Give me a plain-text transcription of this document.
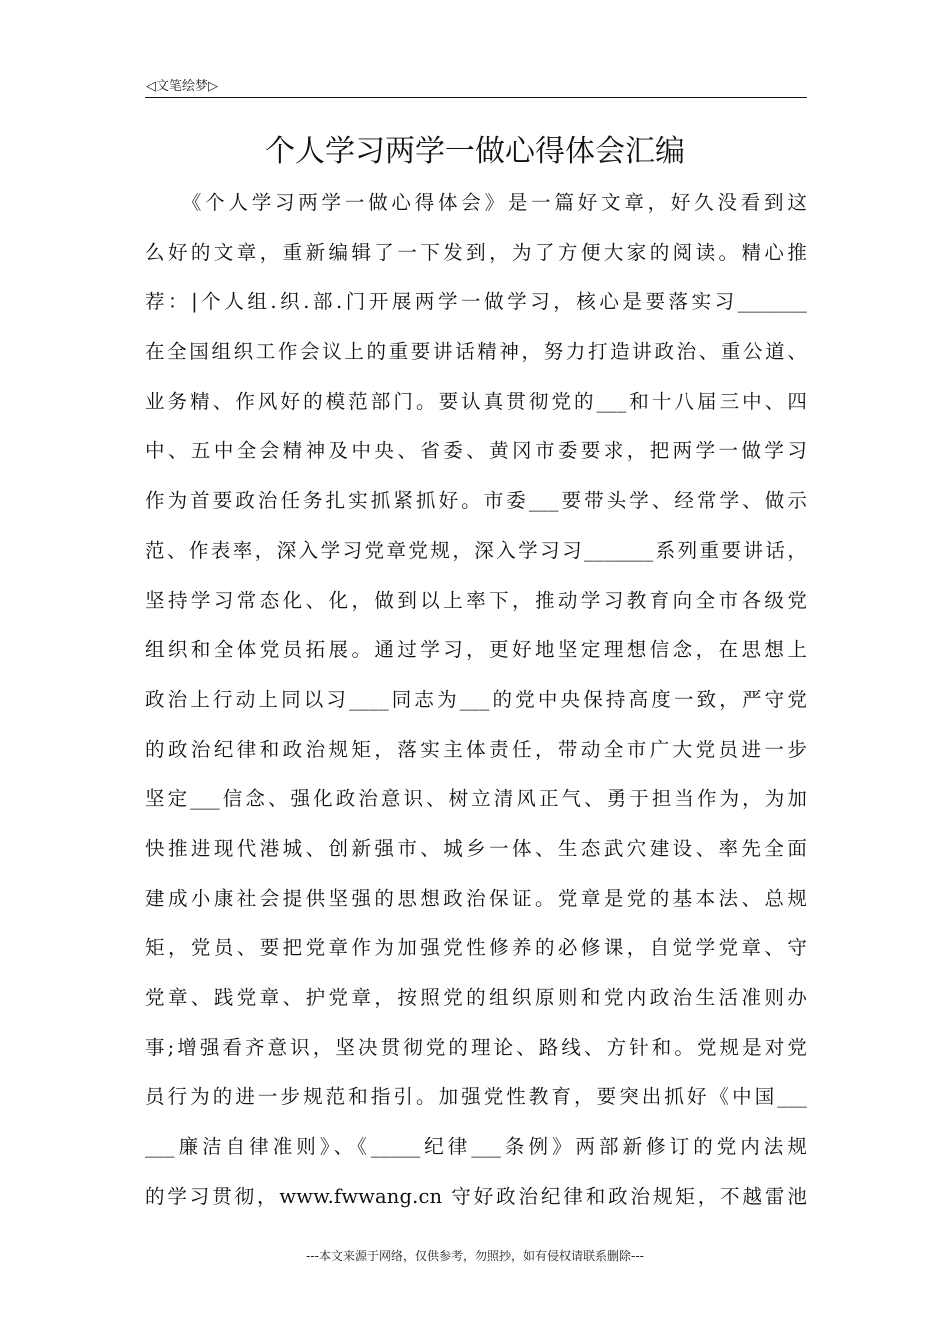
◁文笔绘梦▷
个人学习两学一做心得体会汇编
　　《个人学习两学一做心得体会》是一篇好文章，好久没看到这
么好的文章，重新编辑了一下发到，为了方便大家的阅读。精心推
荐：|个人组.织.部.门开展两学一做学习，核心是要落实习_______
在全国组织工作会议上的重要讲话精神，努力打造讲政治、重公道、
业务精、作风好的模范部门。要认真贯彻党的___和十八届三中、四
中、五中全会精神及中央、省委、黄冈市委要求，把两学一做学习
作为首要政治任务扎实抓紧抓好。市委___要带头学、经常学、做示
范、作表率，深入学习党章党规，深入学习习_______系列重要讲话，
坚持学习常态化、化，做到以上率下，推动学习教育向全市各级党
组织和全体党员拓展。通过学习，更好地坚定理想信念，在思想上
政治上行动上同以习____同志为___的党中央保持高度一致，严守党
的政治纪律和政治规矩，落实主体责任，带动全市广大党员进一步
坚定___信念、强化政治意识、树立清风正气、勇于担当作为，为加
快推进现代港城、创新强市、城乡一体、生态武穴建设、率先全面
建成小康社会提供坚强的思想政治保证。党章是党的基本法、总规
矩，党员、要把党章作为加强党性修养的必修课，自觉学党章、守
党章、践党章、护党章，按照党的组织原则和党内政治生活准则办
事;增强看齐意识，坚决贯彻党的理论、路线、方针和。党规是对党
员行为的进一步规范和指引。加强党性教育，要突出抓好《中国___
___廉洁自律准则》、《_____纪律___条例》两部新修订的党内法规
的学习贯彻，www.fwwang.cn 守好政治纪律和政治规矩，不越雷池
---本文来源于网络，仅供参考，勿照抄，如有侵权请联系删除---
